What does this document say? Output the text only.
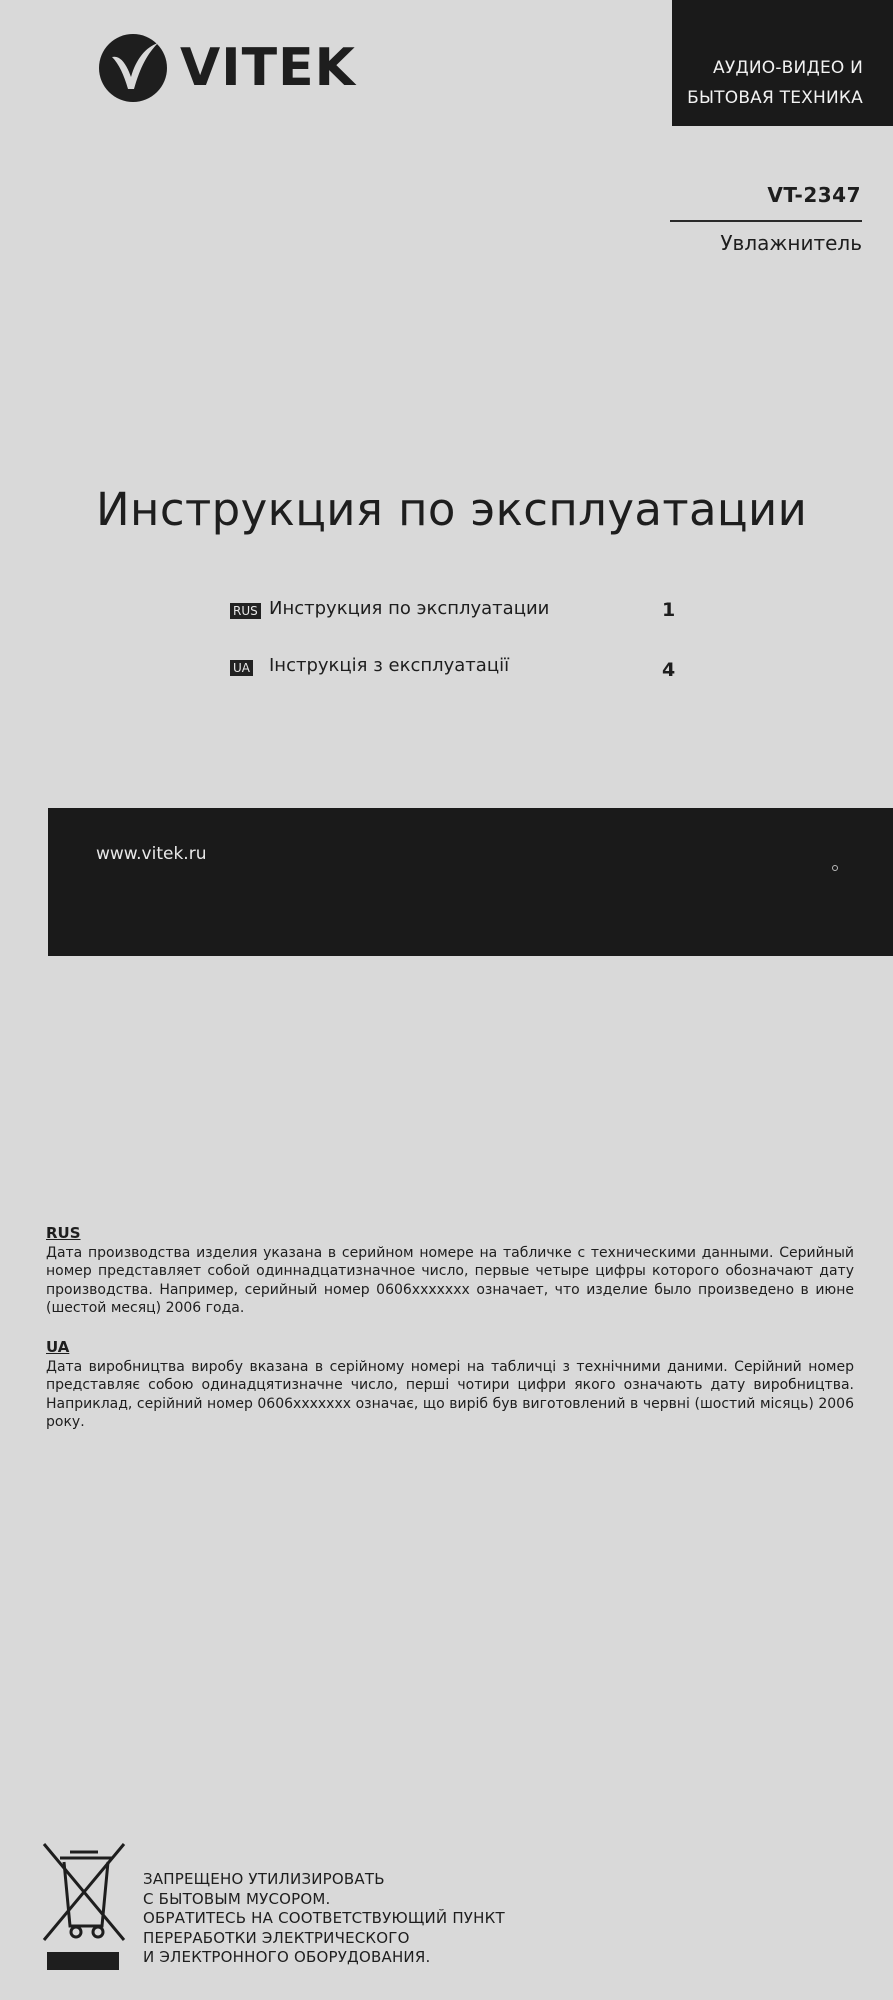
VITEK	АУДИО-ВИДЕО И
БЫТОВАЯ ТЕХНИКА
VT-2347
Увлажнитель
Инструкция по эксплуатации
RUS Инструкция по эксплуатации	1
UA Інструкція з експлуатації	4
www.vitek.ru
RUS
Дата производства изделия указана в серийном номере на табличке с техническими данными. Серийный номер представляет собой одиннадцатизначное число, первые четыре цифры которого обозначают дату производства. Например, серийный номер 0606ххххххх означает, что изделие было произведено в июне (шестой месяц) 2006 года.
UA
Дата виробництва виробу вказана в серійному номері на табличці з технічними даними. Серійний номер представляє собою одинадцятизначне число, перші чотири цифри якого означають дату виробництва. Наприклад, серійний номер 0606ххххххх означає, що виріб був виготовлений в червні (шостий місяць) 2006 року.
ЗАПРЕЩЕНО УТИЛИЗИРОВАТЬ
С БЫТОВЫМ МУСОРОМ.
ОБРАТИТЕСЬ НА СООТВЕТСТВУЮЩИЙ ПУНКТ
ПЕРЕРАБОТКИ ЭЛЕКТРИЧЕСКОГО
И ЭЛЕКТРОННОГО ОБОРУДОВАНИЯ.
